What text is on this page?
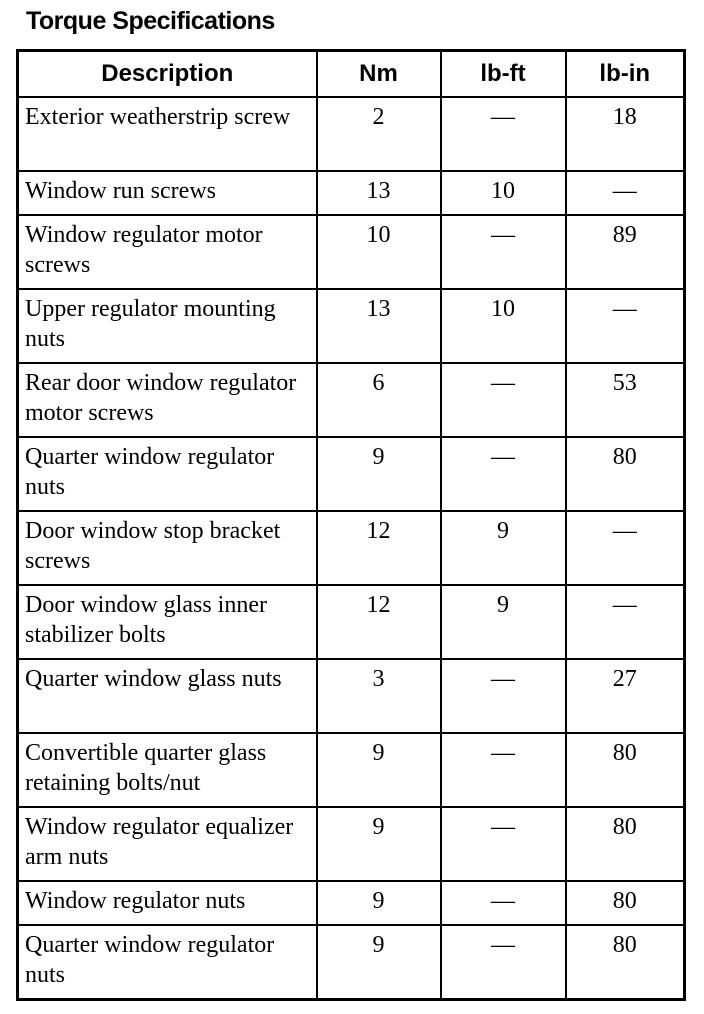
Torque Specifications
Description	Nm	lb-ft	lb-in
Exterior weatherstrip screw	2	—	18
Window run screws	13	10	—
Window regulator motor screws	10	—	89
Upper regulator mounting nuts	13	10	—
Rear door window regulator motor screws	6	—	53
Quarter window regulator nuts	9	—	80
Door window stop bracket screws	12	9	—
Door window glass inner stabilizer bolts	12	9	—
Quarter window glass nuts	3	—	27
Convertible quarter glass retaining bolts/nut	9	—	80
Window regulator equalizer arm nuts	9	—	80
Window regulator nuts	9	—	80
Quarter window regulator nuts	9	—	80
